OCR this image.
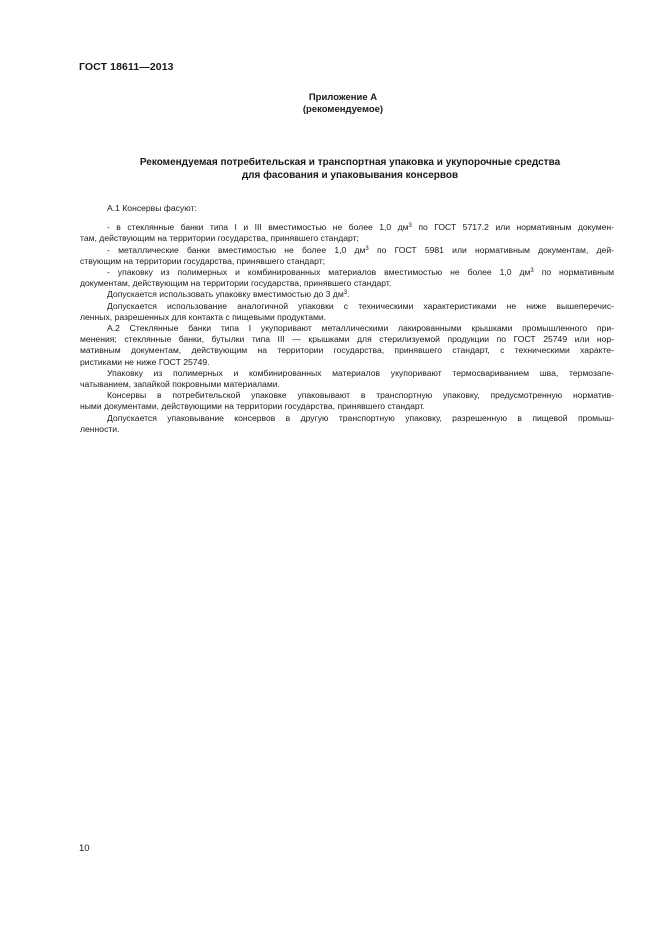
ГОСТ 18611—2013
Приложение А
(рекомендуемое)
Рекомендуемая потребительская и транспортная упаковка и укупорочные средства
для фасования и упаковывания консервов

А.1 Консервы фасуют:

- в стеклянные банки типа I и III вместимостью не более 1,0 $дм^3$ по ГОСТ 5717.2 или нормативным докумен-
там, действующим на территории государства, принявшего стандарт;

- металлические банки вместимостью не более 1,0 $дм^3$ по ГОСТ 5981 или нормативным документам, дей-
ствующим на территории государства, принявшего стандарт;

- упаковку из полимерных и комбинированных материалов вместимостью не более 1,0 $дм^3$ по нормативным
документам, действующим на территории государства, принявшего стандарт.

Допускается использовать упаковку вместимостью до 3 $дм^3$.

Допускается использование аналогичной упаковки с техническими характеристиками не ниже вышеперечис-
ленных, разрешенных для контакта с пищевыми продуктами.

А.2 Стеклянные банки типа I укупоривают металлическими лакированными крышками промышленного при-
менения; стеклянные банки, бутылки типа III — крышками для стерилизуемой продукции по ГОСТ 25749 или нор-
мативным документам, действующим на территории государства, принявшего стандарт, с техническими характе-
ристиками не ниже ГОСТ 25749.

Упаковку из полимерных и комбинированных материалов укупоривают термосвариванием шва, термозапе-
чатыванием, запайкой покровными материалами.

Консервы в потребительской упаковке упаковывают в транспортную упаковку, предусмотренную норматив-
ными документами, действующими на территории государства, принявшего стандарт.

Допускается упаковывание консервов в другую транспортную упаковку, разрешенную в пищевой промыш-
ленности.

10
